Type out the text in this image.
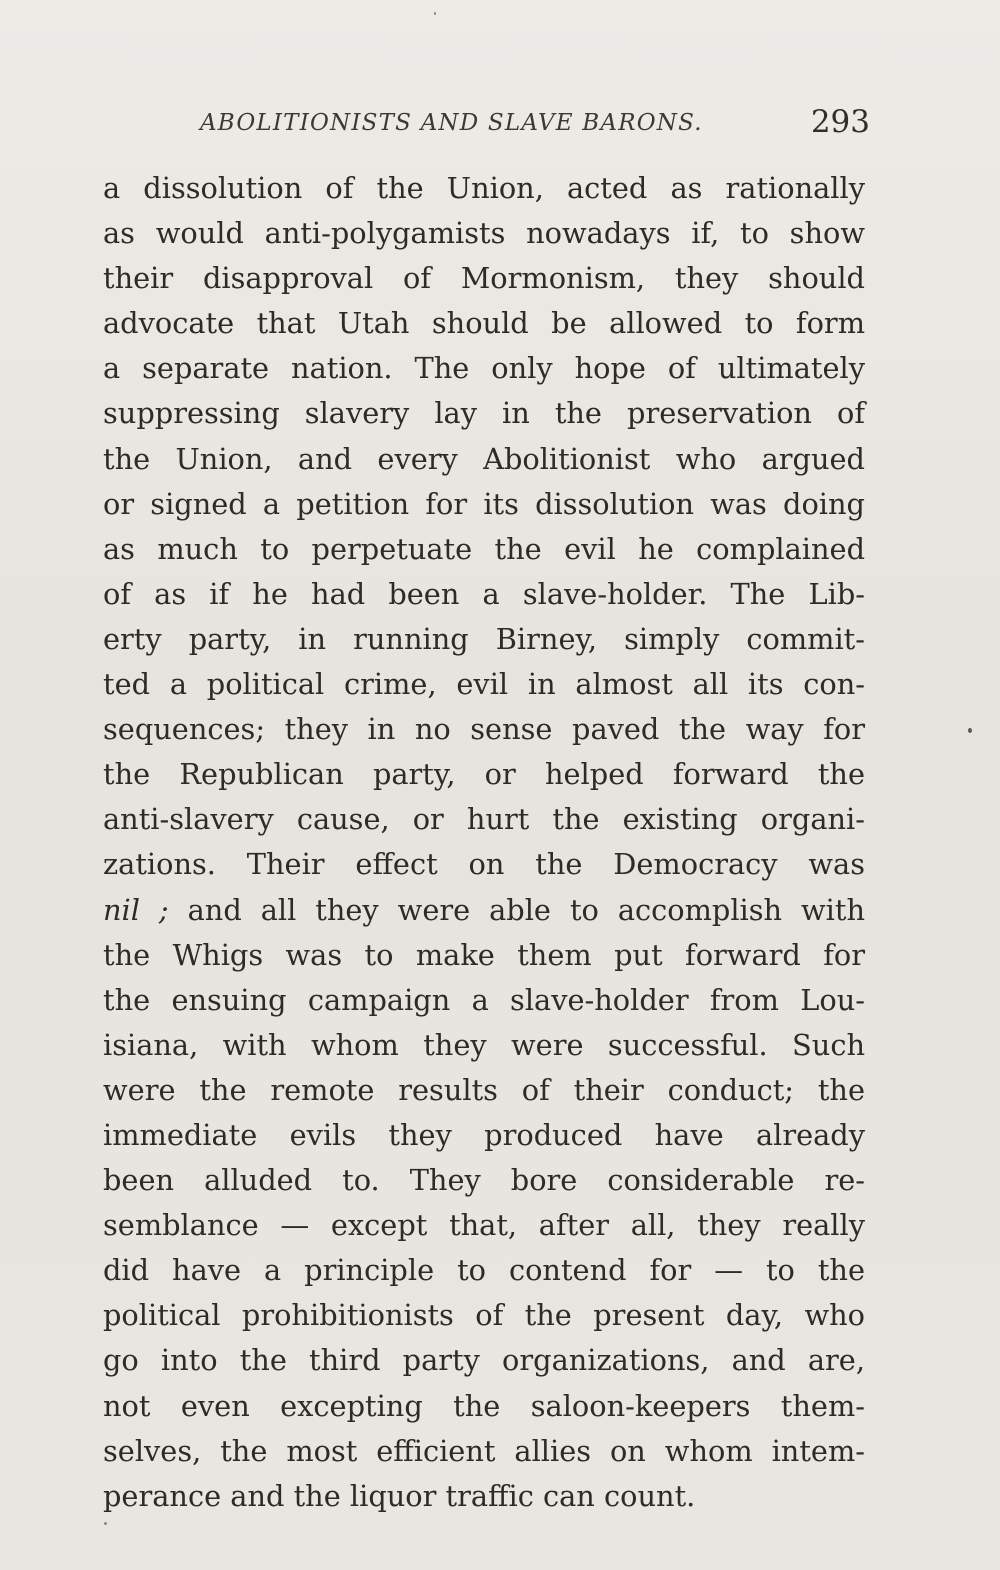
ABOLITIONISTS AND SLAVE BARONS.	293
a dissolution of the Union, acted as rationally
as would anti-polygamists nowadays if, to show
their disapproval of Mormonism, they should
advocate that Utah should be allowed to form
a separate nation. The only hope of ultimately
suppressing slavery lay in the preservation of
the Union, and every Abolitionist who argued
or signed a petition for its dissolution was doing
as much to perpetuate the evil he complained
of as if he had been a slave-holder. The Lib-
erty party, in running Birney, simply commit-
ted a political crime, evil in almost all its con-
sequences; they in no sense paved the way for
the Republican party, or helped forward the
anti-slavery cause, or hurt the existing organi-
zations. Their effect on the Democracy was
nil ; and all they were able to accomplish with
the Whigs was to make them put forward for
the ensuing campaign a slave-holder from Lou-
isiana, with whom they were successful. Such
were the remote results of their conduct; the
immediate evils they produced have already
been alluded to. They bore considerable re-
semblance — except that, after all, they really
did have a principle to contend for — to the
political prohibitionists of the present day, who
go into the third party organizations, and are,
not even excepting the saloon-keepers them-
selves, the most efficient allies on whom intem-
perance and the liquor traffic can count.
